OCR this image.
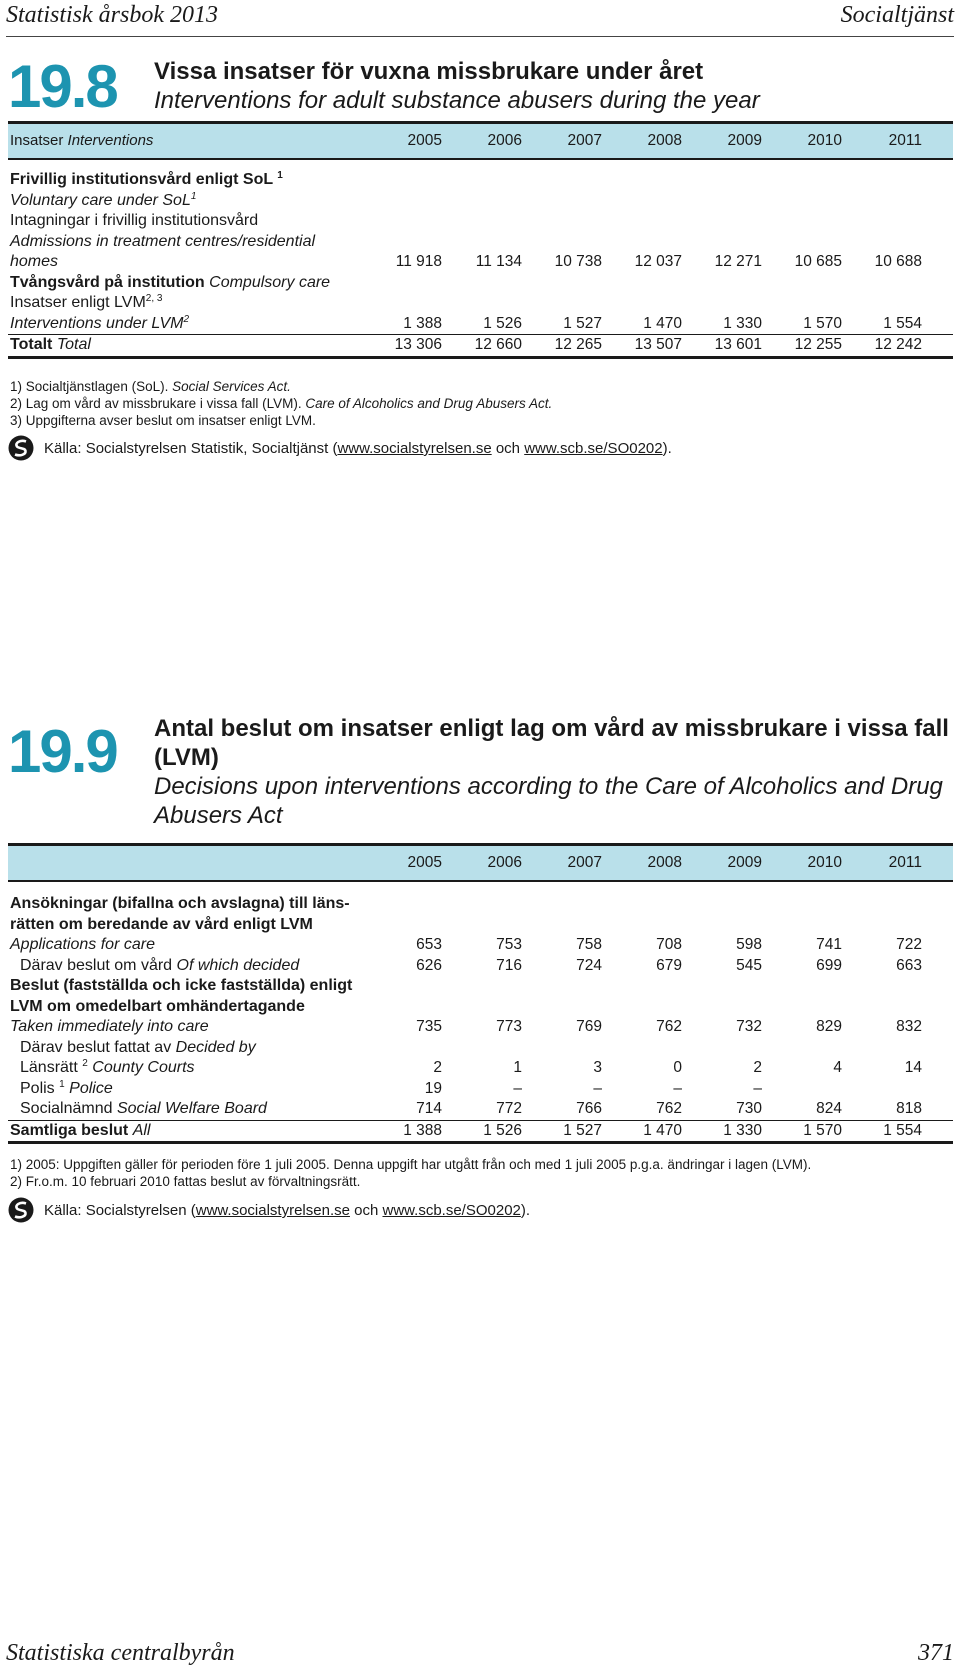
Statistisk årsbok 2013	Socialtjänst
19.8 Vissa insatser för vuxna missbrukare under året
Interventions for adult substance abusers during the year
Insatser Interventions	2005	2006	2007	2008	2009	2010	2011
Frivillig institutionsvård enligt SoL $^1$
Voluntary care under SoL$^1$
Intagningar i frivillig institutionsvård
Admissions in treatment centres/residential
homes	11 918	11 134	10 738	12 037	12 271	10 685	10 688
Tvångsvård på institution Compulsory care
Insatser enligt LVM$^{2, 3}$
Interventions under LVM$^2$	1 388	1 526	1 527	1 470	1 330	1 570	1 554
Totalt Total	13 306	12 660	12 265	13 507	13 601	12 255	12 242
1) Socialtjänstlagen (SoL). Social Services Act.
2) Lag om vård av missbrukare i vissa fall (LVM). Care of Alcoholics and Drug Abusers Act.
3) Uppgifterna avser beslut om insatser enligt LVM.
Källa: Socialstyrelsen Statistik, Socialtjänst (www.socialstyrelsen.se och www.scb.se/SO0202).
19.9 Antal beslut om insatser enligt lag om vård av missbrukare i vissa fall (LVM)
Decisions upon interventions according to the Care of Alcoholics and Drug Abusers Act
2005	2006	2007	2008	2009	2010	2011
Ansökningar (bifallna och avslagna) till läns-
rätten om beredande av vård enligt LVM
Applications for care	653	753	758	708	598	741	722
Därav beslut om vård Of which decided	626	716	724	679	545	699	663
Beslut (fastställda och icke fastställda) enligt
LVM om omedelbart omhändertagande
Taken immediately into care	735	773	769	762	732	829	832
Därav beslut fattat av Decided by
Länsrätt $^2$ County Courts	2	1	3	0	2	4	14
Polis $^1$ Police	19	–	–	–	–
Socialnämnd Social Welfare Board	714	772	766	762	730	824	818
Samtliga beslut All	1 388	1 526	1 527	1 470	1 330	1 570	1 554
1) 2005: Uppgiften gäller för perioden före 1 juli 2005. Denna uppgift har utgått från och med 1 juli 2005 p.g.a. ändringar i lagen (LVM).
2) Fr.o.m. 10 februari 2010 fattas beslut av förvaltningsrätt.
Källa: Socialstyrelsen (www.socialstyrelsen.se och www.scb.se/SO0202).
Statistiska centralbyrån	371
